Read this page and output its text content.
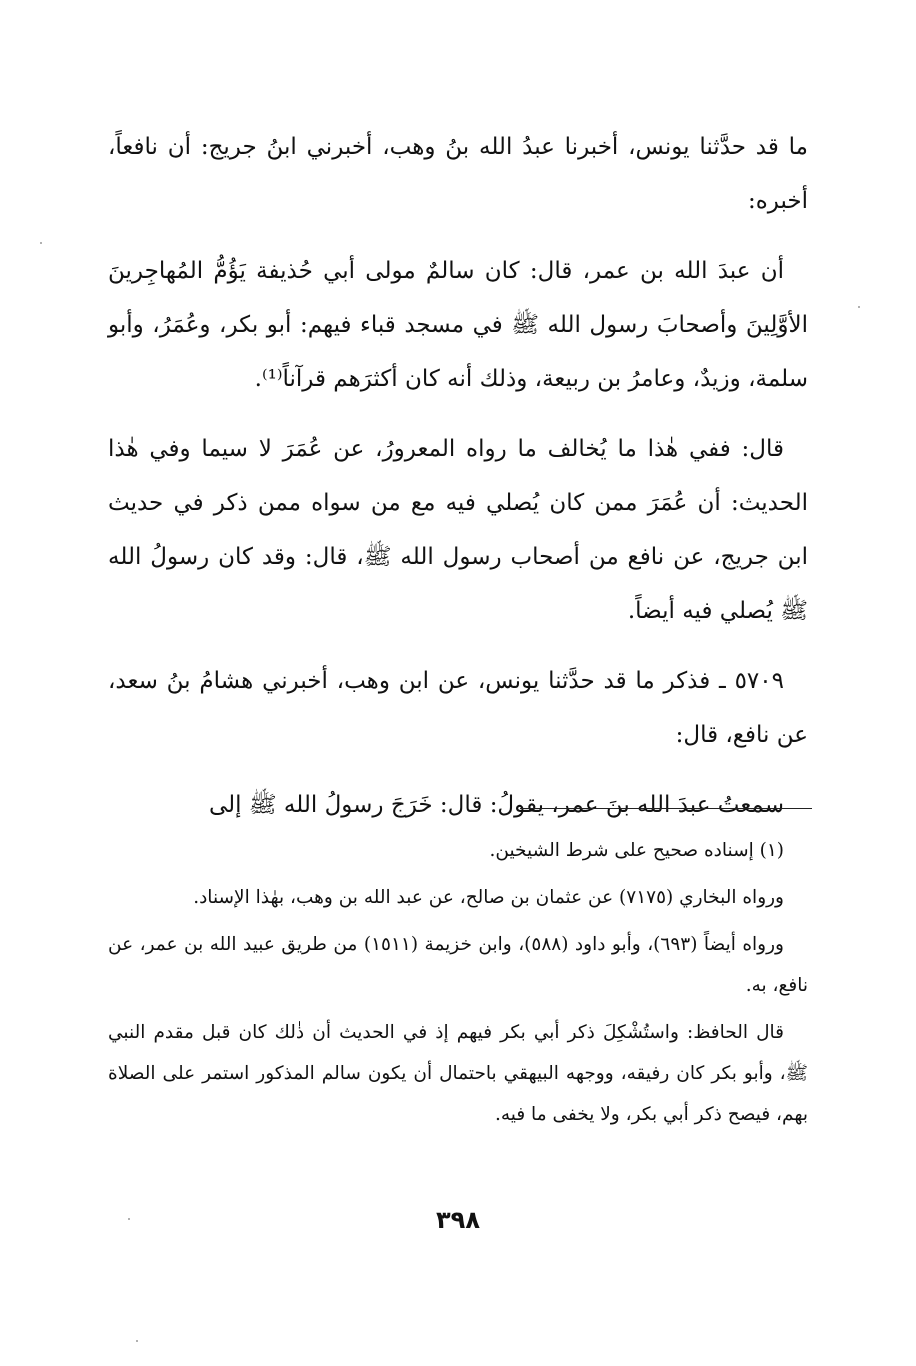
ما قد حدَّثنا يونس، أخبرنا عبدُ الله بنُ وهب، أخبرني ابنُ جريج: أن نافعاً، أخبره:

أن عبدَ الله بن عمر، قال: كان سالمٌ مولى أبي حُذيفة يَؤُمُّ المُهاجِرينَ الأوَّلِينَ وأصحابَ رسول الله ﷺ في مسجد قباء فيهم: أبو بكر، وعُمَرُ، وأبو سلمة، وزيدٌ، وعامرُ بن ربيعة، وذلك أنه كان أكثرَهم قرآناً⁽¹⁾.

قال: ففي هٰذا ما يُخالف ما رواه المعرورُ، عن عُمَرَ لا سيما وفي هٰذا الحديث: أن عُمَرَ ممن كان يُصلي فيه مع من سواه ممن ذكر في حديث ابن جريج، عن نافع من أصحاب رسول الله ﷺ، قال: وقد كان رسولُ الله ﷺ يُصلي فيه أيضاً.

٥٧٠٩ ـ فذكر ما قد حدَّثنا يونس، عن ابن وهب، أخبرني هشامُ بنُ سعد، عن نافع، قال:

سمعتُ عبدَ الله بنَ عمر، يقولُ: قال: خَرَجَ رسولُ الله ﷺ إلى

(١) إسناده صحيح على شرط الشيخين.

ورواه البخاري (٧١٧٥) عن عثمان بن صالح، عن عبد الله بن وهب، بهٰذا الإسناد.

ورواه أيضاً (٦٩٣)، وأبو داود (٥٨٨)، وابن خزيمة (١٥١١) من طريق عبيد الله بن عمر، عن نافع، به.

قال الحافظ: واستُشْكِلَ ذكر أبي بكر فيهم إذ في الحديث أن ذٰلك كان قبل مقدم النبي ﷺ، وأبو بكر كان رفيقه، ووجهه البيهقي باحتمال أن يكون سالم المذكور استمر على الصلاة بهم، فيصح ذكر أبي بكر، ولا يخفى ما فيه.

٣٩٨
